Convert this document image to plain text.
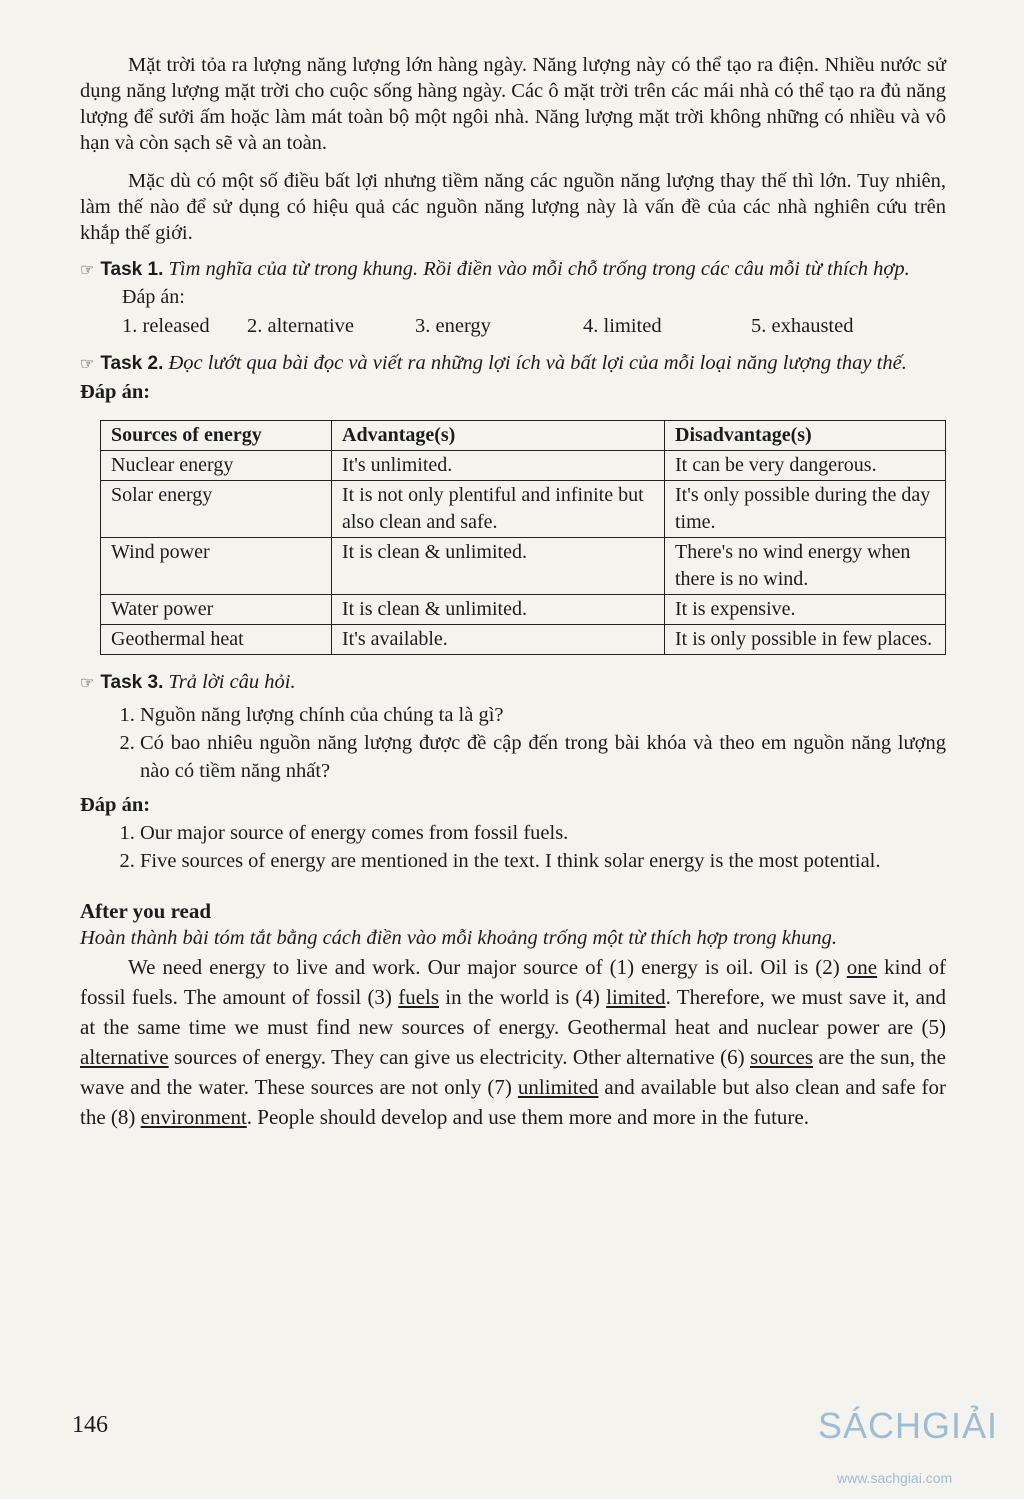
Mặt trời tỏa ra lượng năng lượng lớn hàng ngày. Năng lượng này có thể tạo ra điện. Nhiều nước sử dụng năng lượng mặt trời cho cuộc sống hàng ngày. Các ô mặt trời trên các mái nhà có thể tạo ra đủ năng lượng để sưởi ấm hoặc làm mát toàn bộ một ngôi nhà. Năng lượng mặt trời không những có nhiều và vô hạn và còn sạch sẽ và an toàn.

Mặc dù có một số điều bất lợi nhưng tiềm năng các nguồn năng lượng thay thế thì lớn. Tuy nhiên, làm thế nào để sử dụng có hiệu quả các nguồn năng lượng này là vấn đề của các nhà nghiên cứu trên khắp thế giới.

☞ Task 1. Tìm nghĩa của từ trong khung. Rồi điền vào mỗi chỗ trống trong các câu mỗi từ thích hợp.
Đáp án:
1. released	2. alternative	3. energy	4. limited	5. exhausted
☞ Task 2. Đọc lướt qua bài đọc và viết ra những lợi ích và bất lợi của mỗi loại năng lượng thay thế.
Đáp án:
Sources of energy	Advantage(s)	Disadvantage(s)
Nuclear energy	It's unlimited.	It can be very dangerous.
Solar energy	It is not only plentiful and infinite but also clean and safe.	It's only possible during the day time.
Wind power	It is clean & unlimited.	There's no wind energy when there is no wind.
Water power	It is clean & unlimited.	It is expensive.
Geothermal heat	It's available.	It is only possible in few places.
☞ Task 3. Trả lời câu hỏi.
1. Nguồn năng lượng chính của chúng ta là gì?
2. Có bao nhiêu nguồn năng lượng được đề cập đến trong bài khóa và theo em nguồn năng lượng nào có tiềm năng nhất?
Đáp án:
1. Our major source of energy comes from fossil fuels.
2. Five sources of energy are mentioned in the text. I think solar energy is the most potential.
After you read
Hoàn thành bài tóm tắt bằng cách điền vào mỗi khoảng trống một từ thích hợp trong khung.

We need energy to live and work. Our major source of (1) energy is oil. Oil is (2) one kind of fossil fuels. The amount of fossil (3) fuels in the world is (4) limited. Therefore, we must save it, and at the same time we must find new sources of energy. Geothermal heat and nuclear power are (5) alternative sources of energy. They can give us electricity. Other alternative (6) sources are the sun, the wave and the water. These sources are not only (7) unlimited and available but also clean and safe for the (8) environment. People should develop and use them more and more in the future.

146	SÁCHGIẢI
www.sachgiai.com
